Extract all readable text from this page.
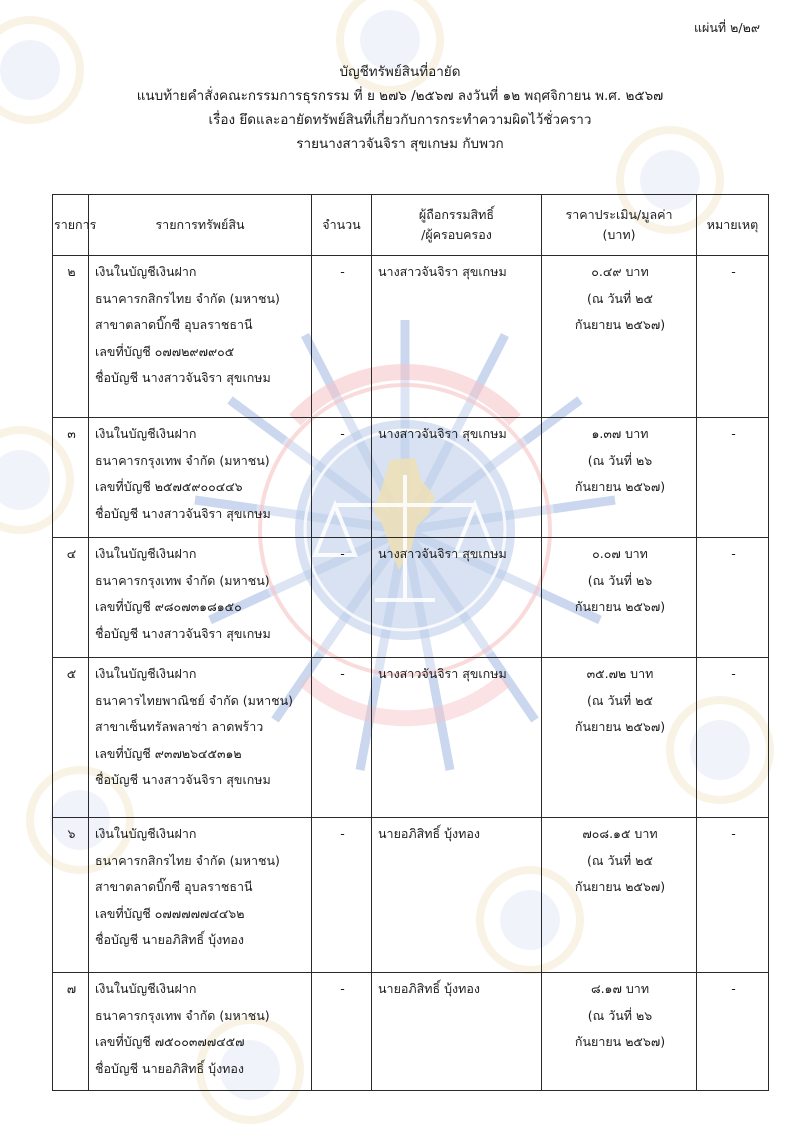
แผ่นที่ ๒/๒๙
บัญชีทรัพย์สินที่อายัด
แนบท้ายคำสั่งคณะกรรมการธุรกรรม ที่ ย ๒๗๖ /๒๕๖๗ ลงวันที่ ๑๒ พฤศจิกายน พ.ศ. ๒๕๖๗
เรื่อง ยึดและอายัดทรัพย์สินที่เกี่ยวกับการกระทำความผิดไว้ชั่วคราว
รายนางสาวจันจิรา สุขเกษม กับพวก
รายการ	รายการทรัพย์สิน	จำนวน	ผู้ถือกรรมสิทธิ์
/ผู้ครอบครอง	ราคาประเมิน/มูลค่า
(บาท)	หมายเหตุ
๒	เงินในบัญชีเงินฝาก
ธนาคารกสิกรไทย จำกัด (มหาชน)
สาขาตลาดบิ๊กซี อุบลราชธานี
เลขที่บัญชี ๐๗๗๒๙๗๙๐๕
ชื่อบัญชี นางสาวจันจิรา สุขเกษม	-	นางสาวจันจิรา สุขเกษม	๐.๔๙ บาท
(ณ วันที่ ๒๕
กันยายน ๒๕๖๗)	-
๓	เงินในบัญชีเงินฝาก
ธนาคารกรุงเทพ จำกัด (มหาชน)
เลขที่บัญชี ๒๕๗๕๙๐๐๔๔๖
ชื่อบัญชี นางสาวจันจิรา สุขเกษม	-	นางสาวจันจิรา สุขเกษม	๑.๓๗ บาท
(ณ วันที่ ๒๖
กันยายน ๒๕๖๗)	-
๔	เงินในบัญชีเงินฝาก
ธนาคารกรุงเทพ จำกัด (มหาชน)
เลขที่บัญชี ๙๘๐๗๓๑๘๑๕๐
ชื่อบัญชี นางสาวจันจิรา สุขเกษม	-	นางสาวจันจิรา สุขเกษม	๐.๐๗ บาท
(ณ วันที่ ๒๖
กันยายน ๒๕๖๗)	-
๕	เงินในบัญชีเงินฝาก
ธนาคารไทยพาณิชย์ จำกัด (มหาชน)
สาขาเซ็นทรัลพลาซ่า ลาดพร้าว
เลขที่บัญชี ๙๓๗๒๖๔๕๓๑๒
ชื่อบัญชี นางสาวจันจิรา สุขเกษม	-	นางสาวจันจิรา สุขเกษม	๓๕.๗๒ บาท
(ณ วันที่ ๒๕
กันยายน ๒๕๖๗)	-
๖	เงินในบัญชีเงินฝาก
ธนาคารกสิกรไทย จำกัด (มหาชน)
สาขาตลาดบิ๊กซี อุบลราชธานี
เลขที่บัญชี ๐๗๗๗๗๗๔๔๖๒
ชื่อบัญชี นายอภิสิทธิ์ บุ้งทอง	-	นายอภิสิทธิ์ บุ้งทอง	๗๐๘.๑๕ บาท
(ณ วันที่ ๒๕
กันยายน ๒๕๖๗)	-
๗	เงินในบัญชีเงินฝาก
ธนาคารกรุงเทพ จำกัด (มหาชน)
เลขที่บัญชี ๗๕๐๐๓๗๗๔๕๗
ชื่อบัญชี นายอภิสิทธิ์ บุ้งทอง	-	นายอภิสิทธิ์ บุ้งทอง	๘.๑๗ บาท
(ณ วันที่ ๒๖
กันยายน ๒๕๖๗)	-
